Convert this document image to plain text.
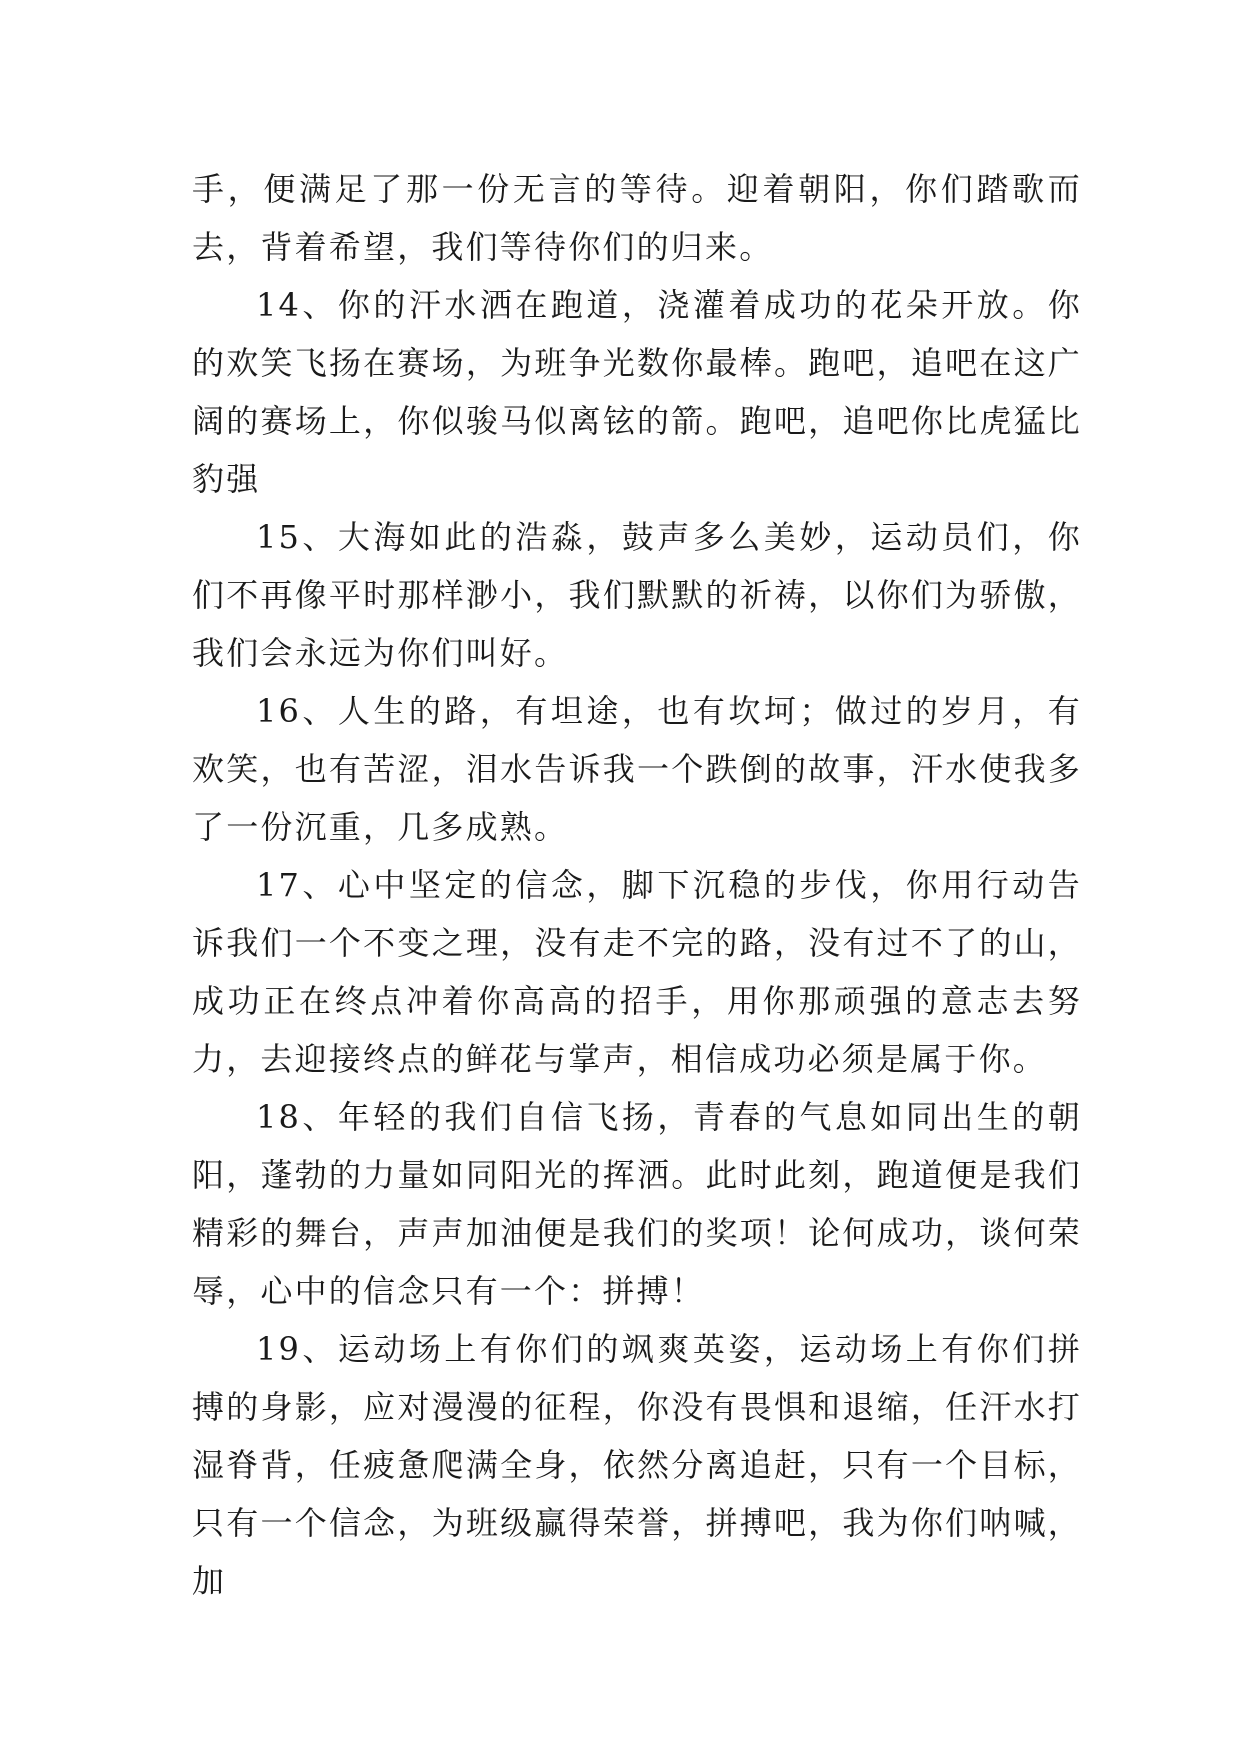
手，便满足了那一份无言的等待。迎着朝阳，你们踏歌而去，背着希望，我们等待你们的归来。

14、你的汗水洒在跑道，浇灌着成功的花朵开放。你的欢笑飞扬在赛场，为班争光数你最棒。跑吧，追吧在这广阔的赛场上，你似骏马似离铉的箭。跑吧，追吧你比虎猛比豹强

15、大海如此的浩淼，鼓声多么美妙，运动员们，你们不再像平时那样渺小，我们默默的祈祷，以你们为骄傲，我们会永远为你们叫好。

16、人生的路，有坦途，也有坎坷；做过的岁月，有欢笑，也有苦涩，泪水告诉我一个跌倒的故事，汗水使我多了一份沉重，几多成熟。

17、心中坚定的信念，脚下沉稳的步伐，你用行动告诉我们一个不变之理，没有走不完的路，没有过不了的山，成功正在终点冲着你高高的招手，用你那顽强的意志去努力，去迎接终点的鲜花与掌声，相信成功必须是属于你。

18、年轻的我们自信飞扬，青春的气息如同出生的朝阳，蓬勃的力量如同阳光的挥洒。此时此刻，跑道便是我们精彩的舞台，声声加油便是我们的奖项！论何成功，谈何荣辱，心中的信念只有一个：拼搏！

19、运动场上有你们的飒爽英姿，运动场上有你们拼搏的身影，应对漫漫的征程，你没有畏惧和退缩，任汗水打湿脊背，任疲惫爬满全身，依然分离追赶，只有一个目标，只有一个信念，为班级赢得荣誉，拼搏吧，我为你们呐喊，加
